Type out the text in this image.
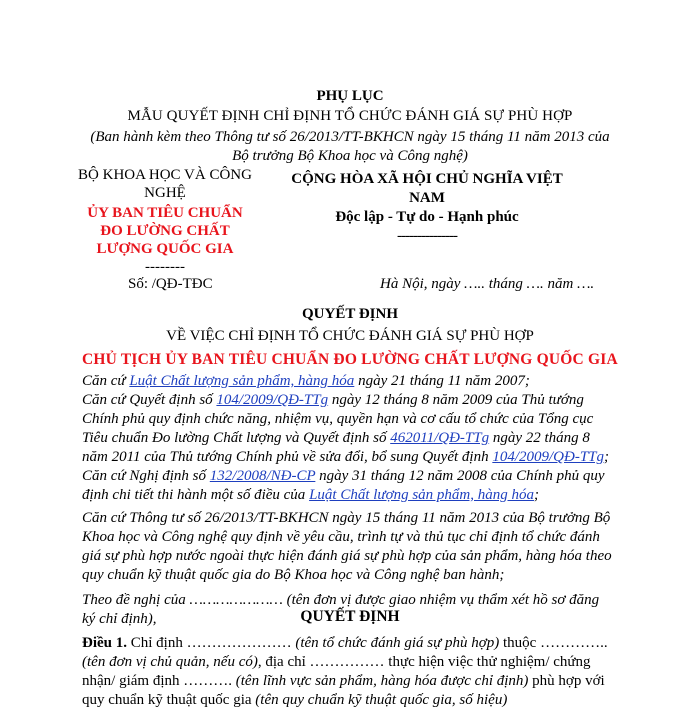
PHỤ LỤC
MẪU QUYẾT ĐỊNH CHỈ ĐỊNH TỔ CHỨC ĐÁNH GIÁ SỰ PHÙ HỢP
(Ban hành kèm theo Thông tư số 26/2013/TT-BKHCN ngày 15 tháng 11 năm 2013 của Bộ trưởng Bộ Khoa học và Công nghệ)
BỘ KHOA HỌC VÀ CÔNG
NGHỆ
ỦY BAN TIÊU CHUẨN
ĐO LƯỜNG CHẤT
LƯỢNG QUỐC GIA
--------
Số: /QĐ-TĐC
CỘNG HÒA XÃ HỘI CHỦ NGHĨA VIỆT NAM
Độc lập - Tự do - Hạnh phúc
---------------
Hà Nội, ngày ….. tháng …. năm ….
QUYẾT ĐỊNH
VỀ VIỆC CHỈ ĐỊNH TỔ CHỨC ĐÁNH GIÁ SỰ PHÙ HỢP
CHỦ TỊCH ỦY BAN TIÊU CHUẨN ĐO LƯỜNG CHẤT LƯỢNG QUỐC GIA

Căn cứ Luật Chất lượng sản phẩm, hàng hóa ngày 21 tháng 11 năm 2007;

Căn cứ Quyết định số 104/2009/QĐ-TTg ngày 12 tháng 8 năm 2009 của Thủ tướng Chính phủ quy định chức năng, nhiệm vụ, quyền hạn và cơ cấu tổ chức của Tổng cục Tiêu chuẩn Đo lường Chất lượng và Quyết định số 462011/QĐ-TTg ngày 22 tháng 8 năm 2011 của Thủ tướng Chính phủ về sửa đổi, bổ sung Quyết định 104/2009/QĐ-TTg;

Căn cứ Nghị định số 132/2008/NĐ-CP ngày 31 tháng 12 năm 2008 của Chính phủ quy định chi tiết thi hành một số điều của Luật Chất lượng sản phẩm, hàng hóa;

Căn cứ Thông tư số 26/2013/TT-BKHCN ngày 15 tháng 11 năm 2013 của Bộ trưởng Bộ Khoa học và Công nghệ quy định về yêu cầu, trình tự và thủ tục chỉ định tổ chức đánh giá sự phù hợp nước ngoài thực hiện đánh giá sự phù hợp của sản phẩm, hàng hóa theo quy chuẩn kỹ thuật quốc gia do Bộ Khoa học và Công nghệ ban hành;

Theo đề nghị của ………………… (tên đơn vị được giao nhiệm vụ thẩm xét hồ sơ đăng ký chỉ định),	QUYẾT ĐỊNH

Điều 1. Chỉ định ………………… (tên tổ chức đánh giá sự phù hợp) thuộc ………….. (tên đơn vị chủ quản, nếu có), địa chỉ …………… thực hiện việc thử nghiệm/ chứng nhận/ giám định ………. (tên lĩnh vực sản phẩm, hàng hóa được chỉ định) phù hợp với quy chuẩn kỹ thuật quốc gia (tên quy chuẩn kỹ thuật quốc gia, số hiệu)
